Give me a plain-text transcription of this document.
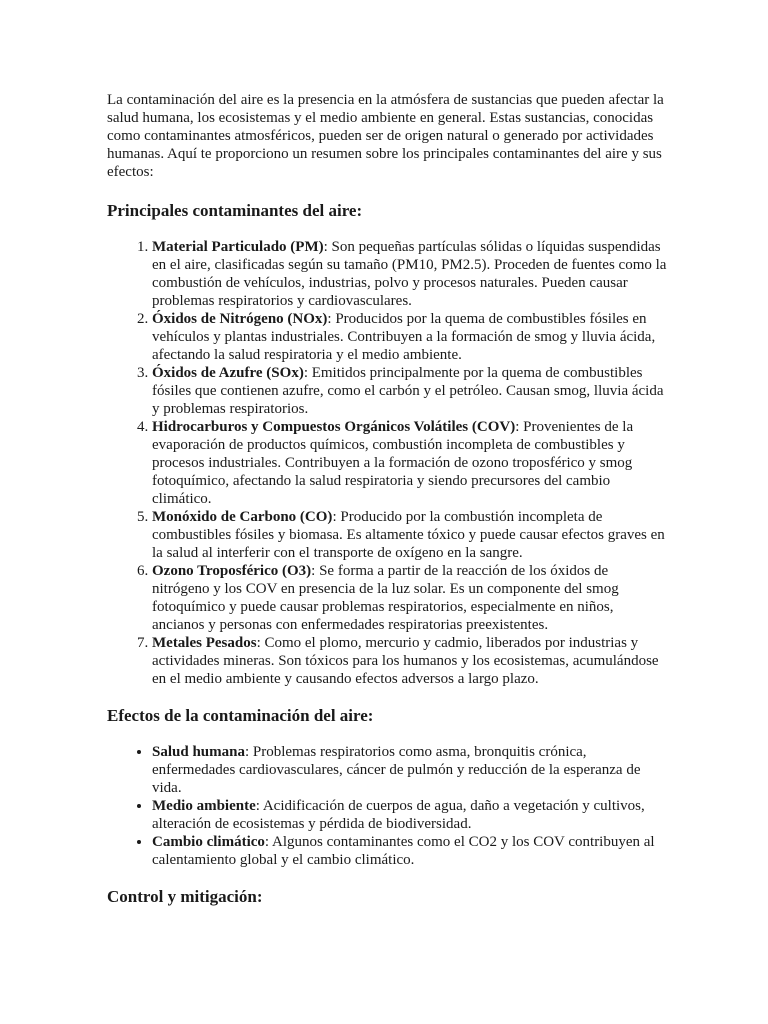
La contaminación del aire es la presencia en la atmósfera de sustancias que pueden afectar la salud humana, los ecosistemas y el medio ambiente en general. Estas sustancias, conocidas como contaminantes atmosféricos, pueden ser de origen natural o generado por actividades humanas. Aquí te proporciono un resumen sobre los principales contaminantes del aire y sus efectos:

Principales contaminantes del aire:
1. Material Particulado (PM): Son pequeñas partículas sólidas o líquidas suspendidas en el aire, clasificadas según su tamaño (PM10, PM2.5). Proceden de fuentes como la combustión de vehículos, industrias, polvo y procesos naturales. Pueden causar problemas respiratorios y cardiovasculares.
2. Óxidos de Nitrógeno (NOx): Producidos por la quema de combustibles fósiles en vehículos y plantas industriales. Contribuyen a la formación de smog y lluvia ácida, afectando la salud respiratoria y el medio ambiente.
3. Óxidos de Azufre (SOx): Emitidos principalmente por la quema de combustibles fósiles que contienen azufre, como el carbón y el petróleo. Causan smog, lluvia ácida y problemas respiratorios.
4. Hidrocarburos y Compuestos Orgánicos Volátiles (COV): Provenientes de la evaporación de productos químicos, combustión incompleta de combustibles y procesos industriales. Contribuyen a la formación de ozono troposférico y smog fotoquímico, afectando la salud respiratoria y siendo precursores del cambio climático.
5. Monóxido de Carbono (CO): Producido por la combustión incompleta de combustibles fósiles y biomasa. Es altamente tóxico y puede causar efectos graves en la salud al interferir con el transporte de oxígeno en la sangre.
6. Ozono Troposférico (O3): Se forma a partir de la reacción de los óxidos de nitrógeno y los COV en presencia de la luz solar. Es un componente del smog fotoquímico y puede causar problemas respiratorios, especialmente en niños, ancianos y personas con enfermedades respiratorias preexistentes.
7. Metales Pesados: Como el plomo, mercurio y cadmio, liberados por industrias y actividades mineras. Son tóxicos para los humanos y los ecosistemas, acumulándose en el medio ambiente y causando efectos adversos a largo plazo.
Efectos de la contaminación del aire:
• Salud humana: Problemas respiratorios como asma, bronquitis crónica, enfermedades cardiovasculares, cáncer de pulmón y reducción de la esperanza de vida.
• Medio ambiente: Acidificación de cuerpos de agua, daño a vegetación y cultivos, alteración de ecosistemas y pérdida de biodiversidad.
• Cambio climático: Algunos contaminantes como el CO2 y los COV contribuyen al calentamiento global y el cambio climático.
Control y mitigación:
